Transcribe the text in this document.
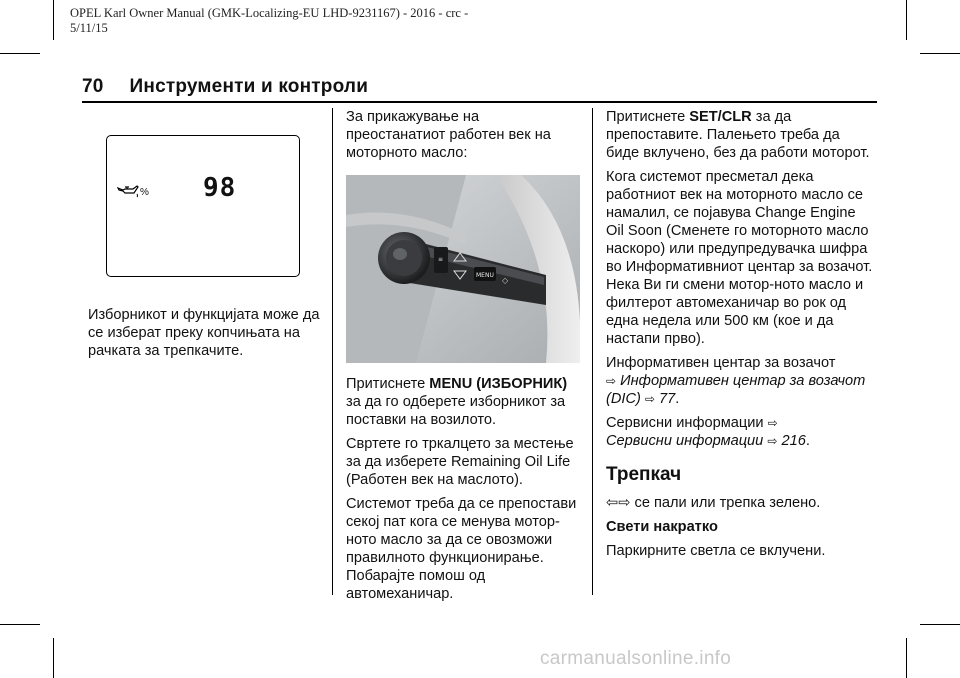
OPEL Karl Owner Manual (GMK-Localizing-EU LHD-9231167) - 2016 - crc -
5/11/15
70 Инструменти и контроли
% 98

Изборникот и функцијата може да се изберат преку копчињата на рачката за трепкачите.

За прикажување на преостанатиот работен век на моторното масло:

≡
MENU
◇

Притиснете MENU (ИЗБОРНИК) за да го одберете изборникот за поставки на возилото.

Свртете го тркалцето за местење за да изберете Remaining Oil Life (Работен век на маслото).

Системот треба да се препостави секој пат кога се менува мотор-ното масло за да се овозможи правилното функционирање. Побарајте помош од автомеханичар.

Притиснете SET/CLR за да препоставите. Палењето треба да биде вклучено, без да работи моторот.

Кога системот пресметал дека работниот век на моторното масло се намалил, се појавува Change Engine Oil Soon (Сменете го моторното масло наскоро) или предупредувачка шифра во Информативниот центар за возачот. Нека Ви ги смени мотор-ното масло и филтерот автомеханичар во рок од една недела или 500 км (кое и да настапи прво).

Информативен центар за возачот
⇨ Информативен центар за возачот (DIC) ⇨ 77.

Сервисни информации ⇨
Сервисни информации ⇨ 216.

Трепкач

⇦⇨ се пали или трепка зелено.

Свети накратко

Паркирните светла се вклучени.

carmanualsonline.info
